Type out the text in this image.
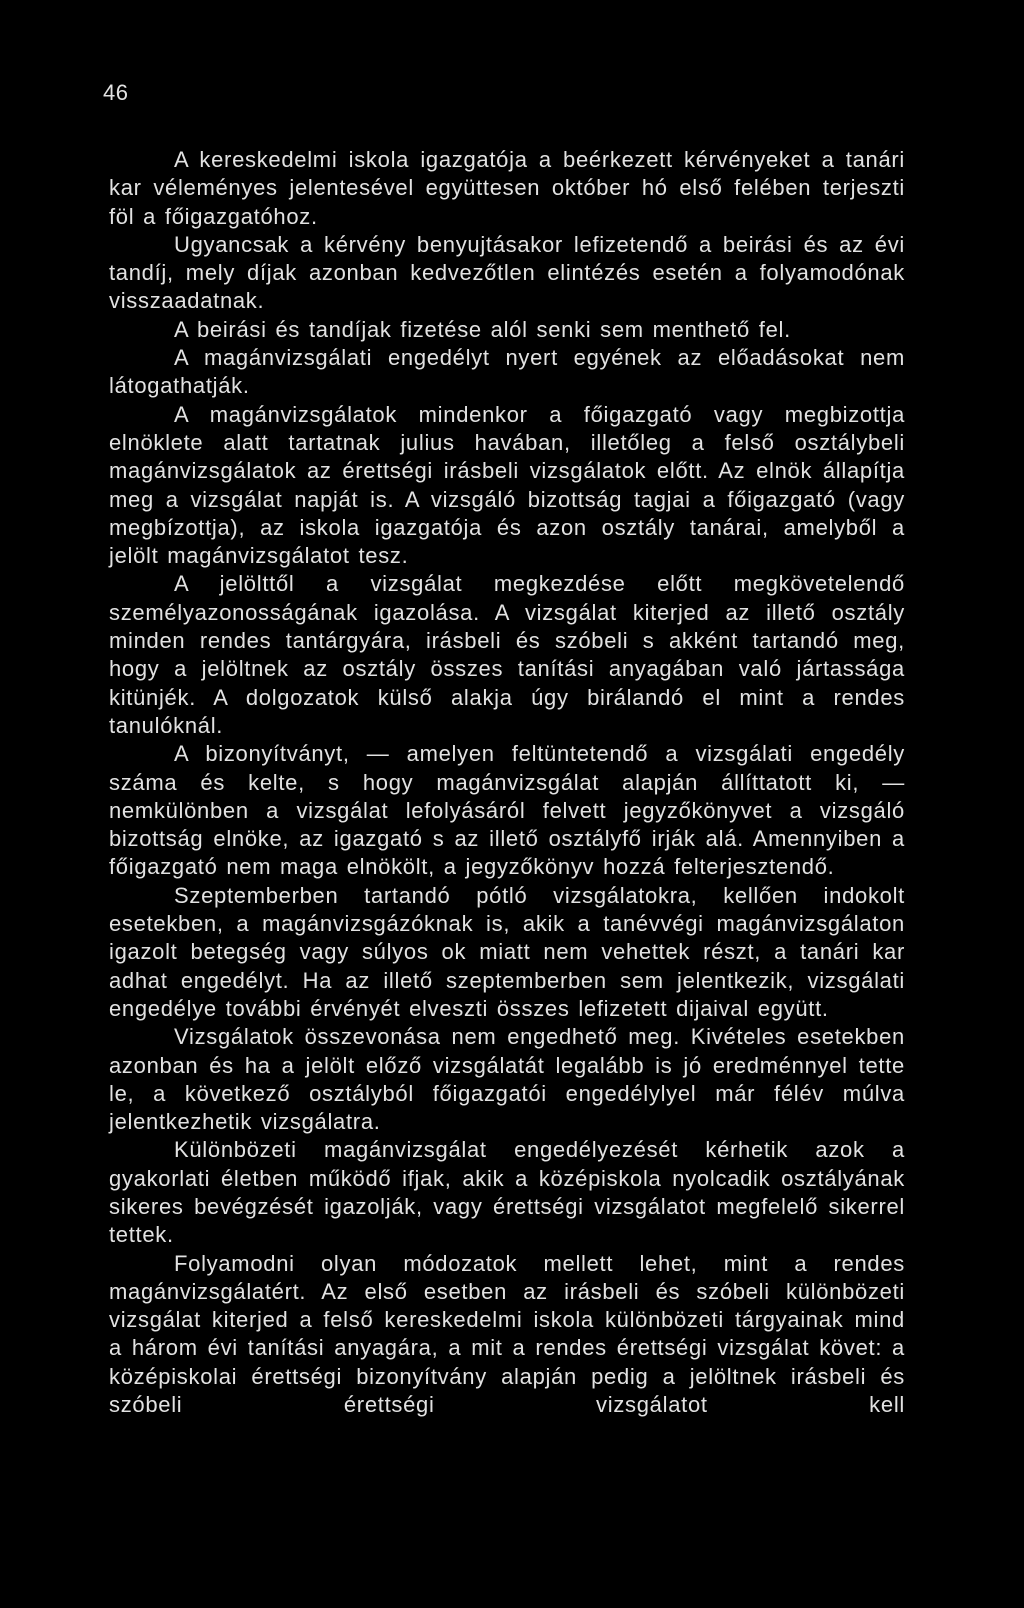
46

A kereskedelmi iskola igazgatója a beérkezett kérvényeket a tanári kar véleményes jelentesével együttesen október hó első felében terjeszti föl a főigazgatóhoz.

Ugyancsak a kérvény benyujtásakor lefizetendő a beirási és az évi tandíj, mely díjak azonban kedvezőtlen elintézés esetén a folyamodónak visszaadatnak.

A beirási és tandíjak fizetése alól senki sem menthető fel.

A magánvizsgálati engedélyt nyert egyének az előadásokat nem látogathatják.

A magánvizsgálatok mindenkor a főigazgató vagy megbizottja elnöklete alatt tartatnak julius havában, illetőleg a felső osztálybeli magánvizsgálatok az érettségi irásbeli vizsgálatok előtt. Az elnök állapítja meg a vizsgálat napját is. A vizsgáló bizottság tagjai a főigazgató (vagy megbízottja), az iskola igazgatója és azon osztály tanárai, amelyből a jelölt magánvizsgálatot tesz.

A jelölttől a vizsgálat megkezdése előtt megkövetelendő személyazonosságának igazolása. A vizsgálat kiterjed az illető osztály minden rendes tantárgyára, irásbeli és szóbeli s akként tartandó meg, hogy a jelöltnek az osztály összes tanítási anyagában való jártassága kitünjék. A dolgozatok külső alakja úgy birálandó el mint a rendes tanulóknál.

A bizonyítványt, — amelyen feltüntetendő a vizsgálati engedély száma és kelte, s hogy magánvizsgálat alapján állíttatott ki, — nemkülönben a vizsgálat lefolyásáról felvett jegyzőkönyvet a vizsgáló bizottság elnöke, az igazgató s az illető osztályfő irják alá. Amennyiben a főigazgató nem maga elnökölt, a jegyzőkönyv hozzá felterjesztendő.

Szeptemberben tartandó pótló vizsgálatokra, kellően indokolt esetekben, a magánvizsgázóknak is, akik a tanévvégi magánvizsgálaton igazolt betegség vagy súlyos ok miatt nem vehettek részt, a tanári kar adhat engedélyt. Ha az illető szeptemberben sem jelentkezik, vizsgálati engedélye további érvényét elveszti összes lefizetett dijaival együtt.

Vizsgálatok összevonása nem engedhető meg. Kivételes esetekben azonban és ha a jelölt előző vizsgálatát legalább is jó eredménnyel tette le, a következő osztályból főigazgatói engedélylyel már félév múlva jelentkezhetik vizsgálatra.

Különbözeti magánvizsgálat engedélyezését kérhetik azok a gyakorlati életben működő ifjak, akik a középiskola nyolcadik osztályának sikeres bevégzését igazolják, vagy érettségi vizsgálatot megfelelő sikerrel tettek.

Folyamodni olyan módozatok mellett lehet, mint a rendes magánvizsgálatért. Az első esetben az irásbeli és szóbeli különbözeti vizsgálat kiterjed a felső kereskedelmi iskola különbözeti tárgyainak mind a három évi tanítási anyagára, a mit a rendes érettségi vizsgálat követ: a középiskolai érettségi bizonyítvány alapján pedig a jelöltnek irásbeli és szóbeli érettségi vizsgálatot kell
